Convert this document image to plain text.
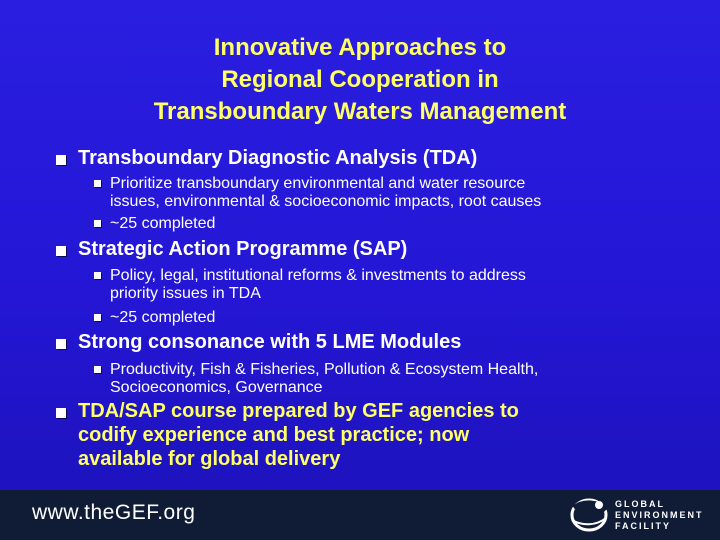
Innovative Approaches to
Regional Cooperation in
Transboundary Waters Management
Transboundary Diagnostic Analysis (TDA)
Prioritize transboundary environmental and water resource
issues, environmental & socioeconomic impacts, root causes
~25 completed
Strategic Action Programme (SAP)
Policy, legal, institutional reforms & investments to address
priority issues in TDA
~25 completed
Strong consonance with 5 LME Modules
Productivity, Fish & Fisheries, Pollution & Ecosystem Health,
Socioeconomics, Governance
TDA/SAP course prepared by GEF agencies to
codify experience and best practice; now
available for global delivery
www.theGEF.org	GLOBAL
ENVIRONMENT
FACILITY
